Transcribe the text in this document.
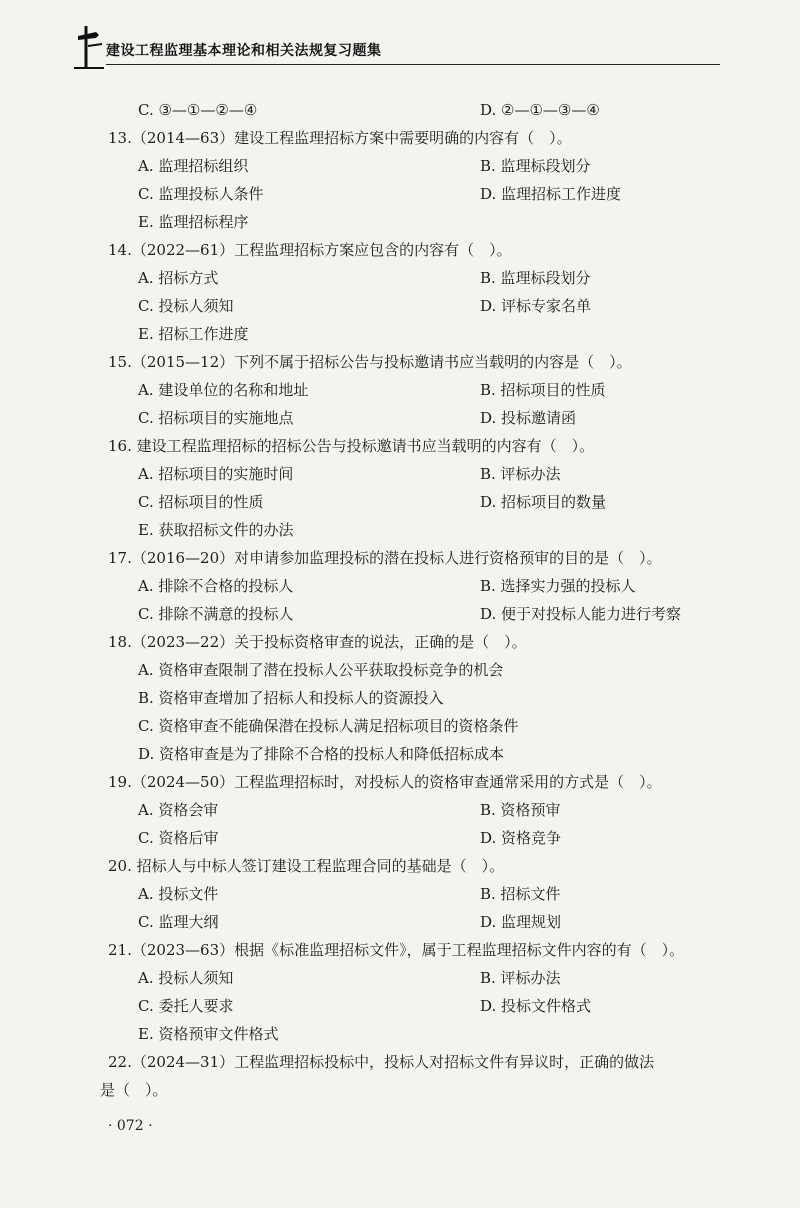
建设工程监理基本理论和相关法规复习题集
C. ③—①—②—④	D. ②—①—③—④
13.（2014—63）建设工程监理招标方案中需要明确的内容有（　）。
A. 监理招标组织	B. 监理标段划分
C. 监理投标人条件	D. 监理招标工作进度
E. 监理招标程序
14.（2022—61）工程监理招标方案应包含的内容有（　）。
A. 招标方式	B. 监理标段划分
C. 投标人须知	D. 评标专家名单
E. 招标工作进度
15.（2015—12）下列不属于招标公告与投标邀请书应当载明的内容是（　）。
A. 建设单位的名称和地址	B. 招标项目的性质
C. 招标项目的实施地点	D. 投标邀请函
16. 建设工程监理招标的招标公告与投标邀请书应当载明的内容有（　）。
A. 招标项目的实施时间	B. 评标办法
C. 招标项目的性质	D. 招标项目的数量
E. 获取招标文件的办法
17.（2016—20）对申请参加监理投标的潜在投标人进行资格预审的目的是（　）。
A. 排除不合格的投标人	B. 选择实力强的投标人
C. 排除不满意的投标人	D. 便于对投标人能力进行考察
18.（2023—22）关于投标资格审查的说法，正确的是（　）。
A. 资格审查限制了潜在投标人公平获取投标竞争的机会
B. 资格审查增加了招标人和投标人的资源投入
C. 资格审查不能确保潜在投标人满足招标项目的资格条件
D. 资格审查是为了排除不合格的投标人和降低招标成本
19.（2024—50）工程监理招标时，对投标人的资格审查通常采用的方式是（　）。
A. 资格会审	B. 资格预审
C. 资格后审	D. 资格竞争
20. 招标人与中标人签订建设工程监理合同的基础是（　）。
A. 投标文件	B. 招标文件
C. 监理大纲	D. 监理规划
21.（2023—63）根据《标准监理招标文件》，属于工程监理招标文件内容的有（　）。
A. 投标人须知	B. 评标办法
C. 委托人要求	D. 投标文件格式
E. 资格预审文件格式
22.（2024—31）工程监理招标投标中，投标人对招标文件有异议时，正确的做法
是（　）。
· 072 ·
